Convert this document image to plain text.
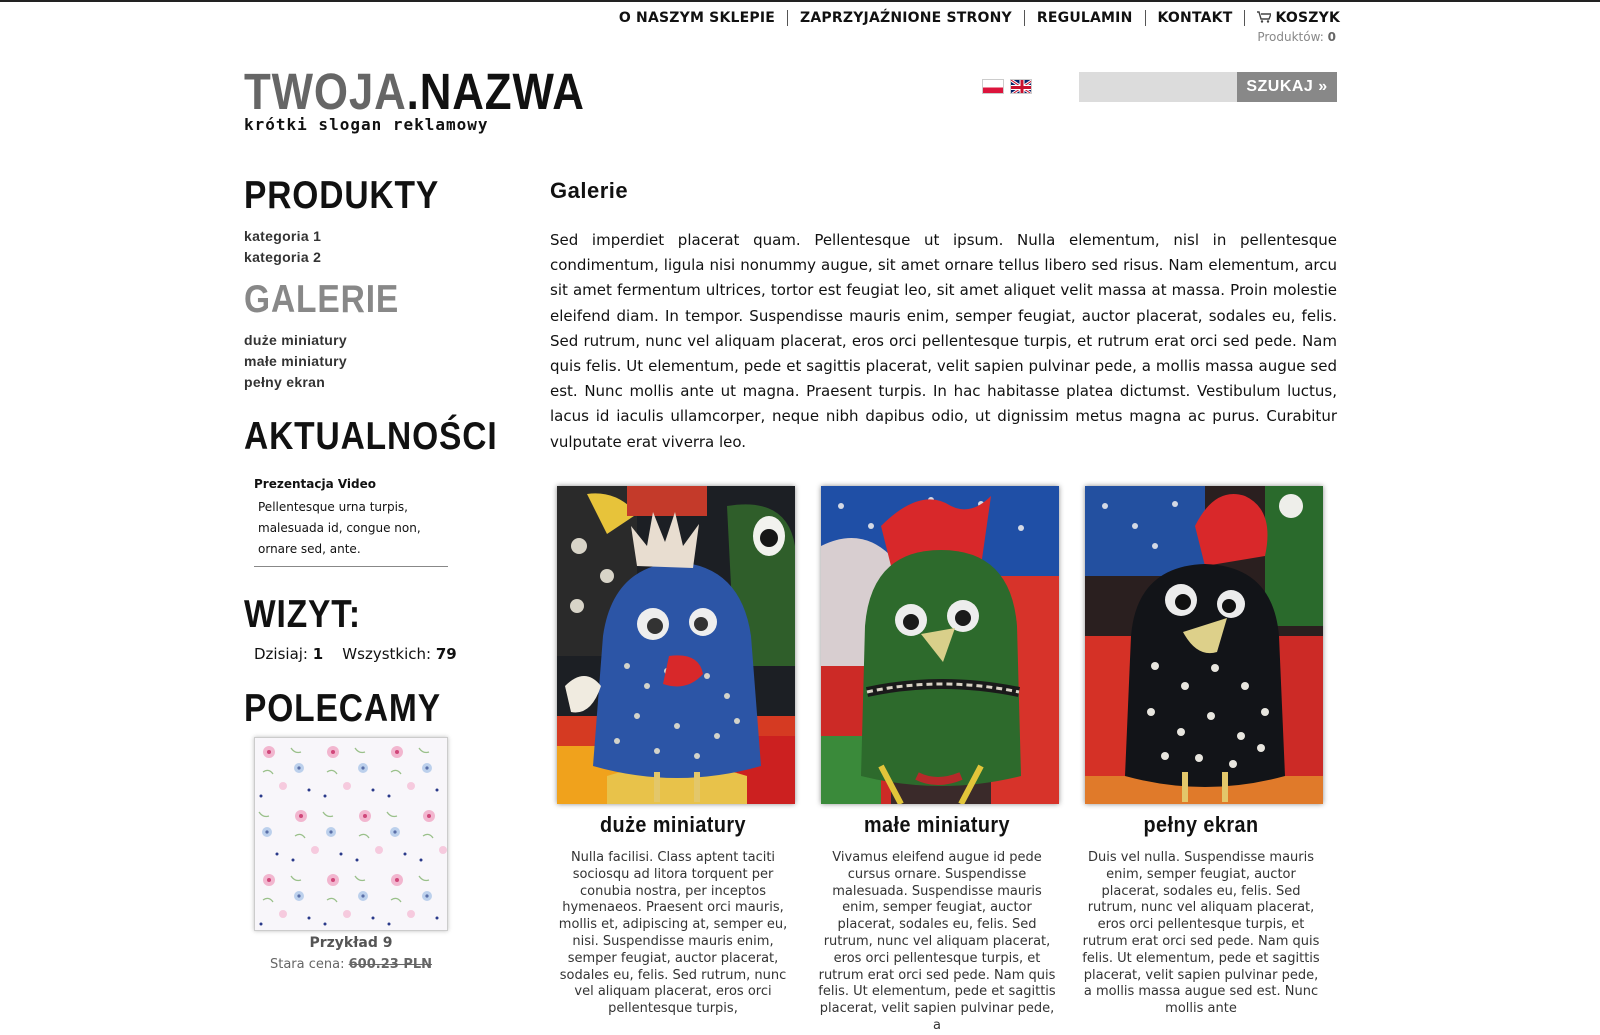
O NASZYM SKLEPIE ZAPRZYJAŹNIONE STRONY REGULAMIN KONTAKT	KOSZYK
Produktów: 0
TWOJA.NAZWA
krótki slogan reklamowy
SZUKAJ »
PRODUKTY
kategoria 1
kategoria 2
GALERIE
duże miniatury
małe miniatury
pełny ekran
AKTUALNOŚCI
Prezentacja Video
Pellentesque urna turpis, malesuada id, congue non, ornare sed, ante.
WIZYT:
Dzisiaj: 1 Wszystkich: 79
POLECAMY
Przykład 9
Stara cena: 600.23 PLN
Galerie

Sed imperdiet placerat quam. Pellentesque ut ipsum. Nulla elementum, nisl in pellentesque condimentum, ligula nisi nonummy augue, sit amet ornare tellus libero sed risus. Nam elementum, arcu sit amet fermentum ultrices, tortor est feugiat leo, sit amet aliquet velit massa at massa. Proin molestie eleifend diam. In tempor. Suspendisse mauris enim, semper feugiat, auctor placerat, sodales eu, felis. Sed rutrum, nunc vel aliquam placerat, eros orci pellentesque turpis, et rutrum erat orci sed pede. Nam quis felis. Ut elementum, pede et sagittis placerat, velit sapien pulvinar pede, a mollis massa augue sed est. Nunc mollis ante ut magna. Praesent turpis. In hac habitasse platea dictumst. Vestibulum luctus, lacus id iaculis ullamcorper, neque nibh dapibus odio, ut dignissim metus magna ac purus. Curabitur vulputate erat viverra leo.

duże miniatury
Nulla facilisi. Class aptent taciti sociosqu ad litora torquent per conubia nostra, per inceptos hymenaeos. Praesent orci mauris, mollis et, adipiscing at, semper eu, nisi. Suspendisse mauris enim, semper feugiat, auctor placerat, sodales eu, felis. Sed rutrum, nunc vel aliquam placerat, eros orci pellentesque turpis,
małe miniatury
Vivamus eleifend augue id pede cursus ornare. Suspendisse malesuada. Suspendisse mauris enim, semper feugiat, auctor placerat, sodales eu, felis. Sed rutrum, nunc vel aliquam placerat, eros orci pellentesque turpis, et rutrum erat orci sed pede. Nam quis felis. Ut elementum, pede et sagittis placerat, velit sapien pulvinar pede, a
pełny ekran
Duis vel nulla. Suspendisse mauris enim, semper feugiat, auctor placerat, sodales eu, felis. Sed rutrum, nunc vel aliquam placerat, eros orci pellentesque turpis, et rutrum erat orci sed pede. Nam quis felis. Ut elementum, pede et sagittis placerat, velit sapien pulvinar pede, a mollis massa augue sed est. Nunc mollis ante
